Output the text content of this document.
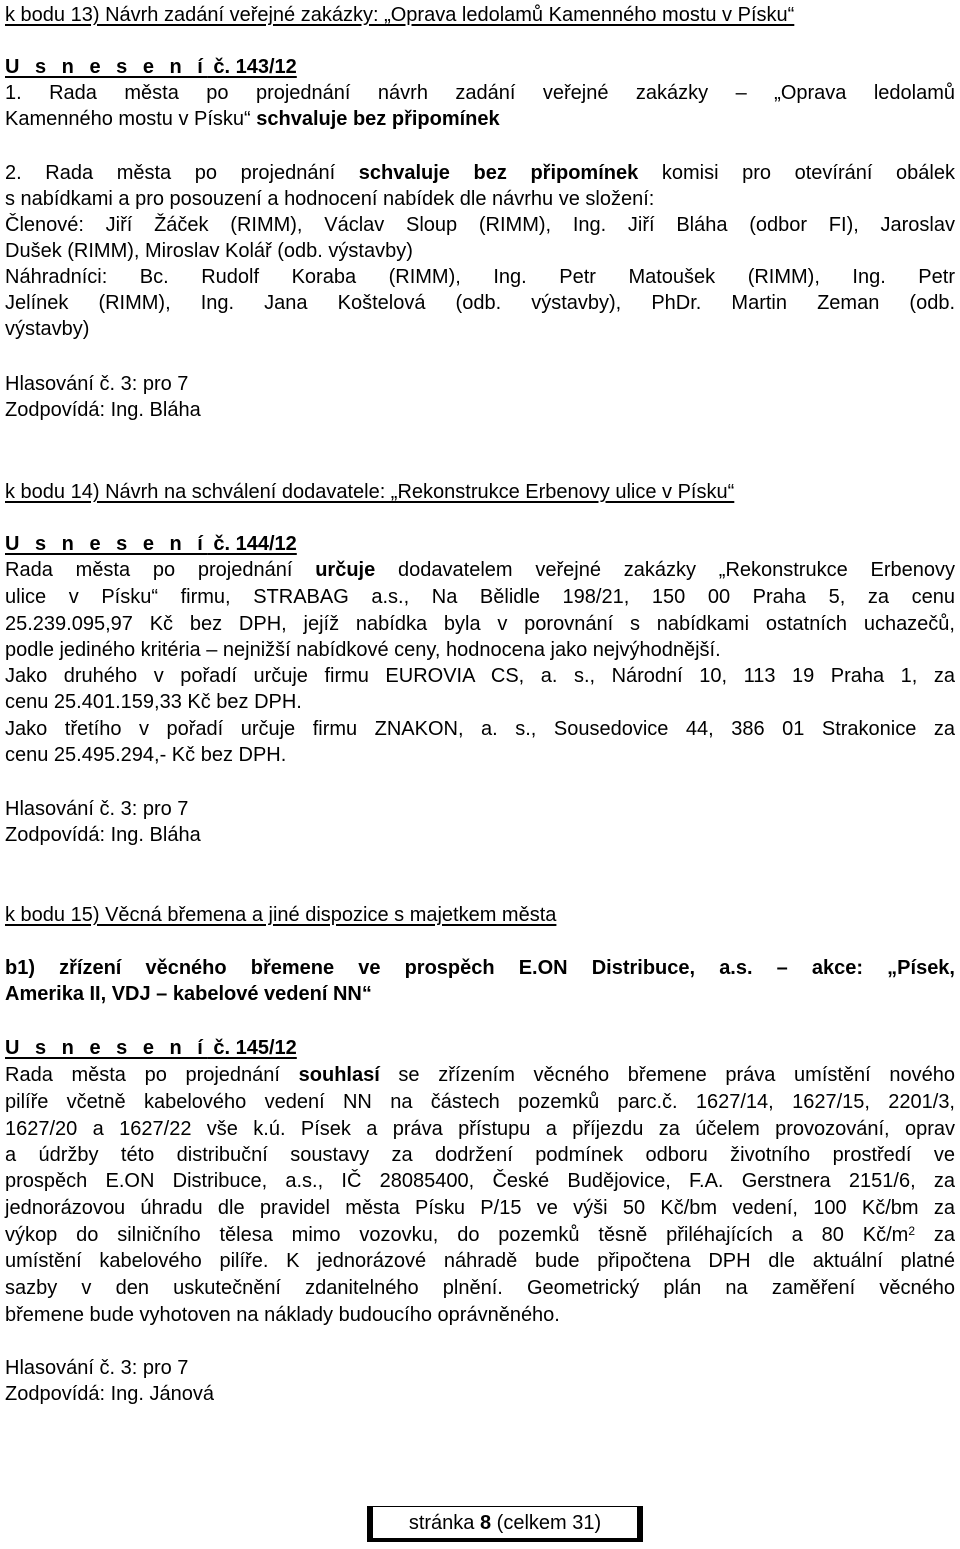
k bodu 13) Návrh zadání veřejné zakázky: „Oprava ledolamů Kamenného mostu v Písku“
U s n e s e n í č. 143/12
1. Rada města po projednání návrh zadání veřejné zakázky – „Oprava ledolamů
Kamenného mostu v Písku“ schvaluje bez připomínek
2. Rada města po projednání schvaluje bez připomínek komisi pro otevírání obálek
s nabídkami a pro posouzení a hodnocení nabídek dle návrhu ve složení:
Členové: Jiří Žáček (RIMM), Václav Sloup (RIMM), Ing. Jiří Bláha (odbor FI), Jaroslav
Dušek (RIMM), Miroslav Kolář (odb. výstavby)
Náhradníci: Bc. Rudolf Koraba (RIMM), Ing. Petr Matoušek (RIMM), Ing. Petr
Jelínek (RIMM), Ing. Jana Koštelová (odb. výstavby), PhDr. Martin Zeman (odb.
výstavby)
Hlasování č. 3: pro 7
Zodpovídá: Ing. Bláha
k bodu 14) Návrh na schválení dodavatele: „Rekonstrukce Erbenovy ulice v Písku“
U s n e s e n í č. 144/12
Rada města po projednání určuje dodavatelem veřejné zakázky „Rekonstrukce Erbenovy
ulice v Písku“ firmu, STRABAG a.s., Na Bělidle 198/21, 150 00 Praha 5, za cenu
25.239.095,97 Kč bez DPH, jejíž nabídka byla v porovnání s nabídkami ostatních uchazečů,
podle jediného kritéria – nejnižší nabídkové ceny, hodnocena jako nejvýhodnější.
Jako druhého v pořadí určuje firmu EUROVIA CS, a. s., Národní 10, 113 19 Praha 1, za
cenu 25.401.159,33 Kč bez DPH.
Jako třetího v pořadí určuje firmu ZNAKON, a. s., Sousedovice 44, 386 01 Strakonice za
cenu 25.495.294,- Kč bez DPH.
Hlasování č. 3: pro 7
Zodpovídá: Ing. Bláha
k bodu 15) Věcná břemena a jiné dispozice s majetkem města
b1) zřízení věcného břemene ve prospěch E.ON Distribuce, a.s. – akce: „Písek,
Amerika II, VDJ – kabelové vedení NN“
U s n e s e n í č. 145/12
Rada města po projednání souhlasí se zřízením věcného břemene práva umístění nového
pilíře včetně kabelového vedení NN na částech pozemků parc.č. 1627/14, 1627/15, 2201/3,
1627/20 a 1627/22 vše k.ú. Písek a práva přístupu a příjezdu za účelem provozování, oprav
a údržby této distribuční soustavy za dodržení podmínek odboru životního prostředí ve
prospěch E.ON Distribuce, a.s., IČ 28085400, České Budějovice, F.A. Gerstnera 2151/6, za
jednorázovou úhradu dle pravidel města Písku P/15 ve výši 50 Kč/bm vedení, 100 Kč/bm za
výkop do silničního tělesa mimo vozovku, do pozemků těsně přiléhajících a 80 $Kč/m^2$ za
umístění kabelového pilíře. K jednorázové náhradě bude připočtena DPH dle aktuální platné
sazby v den uskutečnění zdanitelného plnění. Geometrický plán na zaměření věcného
břemene bude vyhotoven na náklady budoucího oprávněného.
Hlasování č. 3: pro 7
Zodpovídá: Ing. Jánová
stránka 8 (celkem 31)
